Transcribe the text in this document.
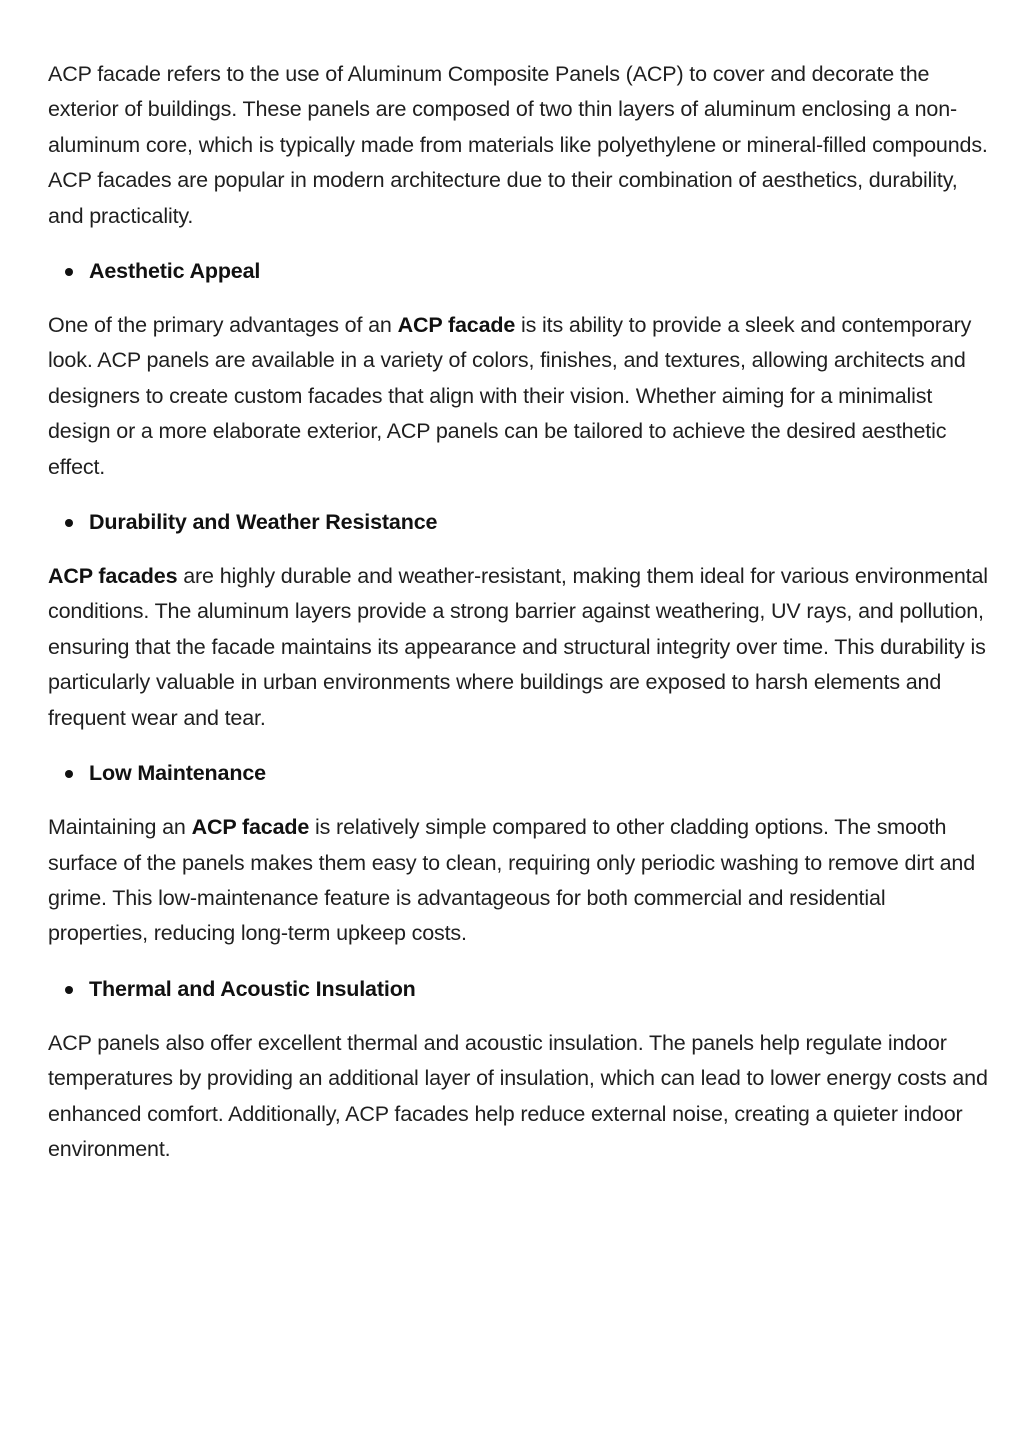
ACP facade refers to the use of Aluminum Composite Panels (ACP) to cover and decorate the exterior of buildings. These panels are composed of two thin layers of aluminum enclosing a non-aluminum core, which is typically made from materials like polyethylene or mineral-filled compounds. ACP facades are popular in modern architecture due to their combination of aesthetics, durability, and practicality.

Aesthetic Appeal

One of the primary advantages of an ACP facade is its ability to provide a sleek and contemporary look. ACP panels are available in a variety of colors, finishes, and textures, allowing architects and designers to create custom facades that align with their vision. Whether aiming for a minimalist design or a more elaborate exterior, ACP panels can be tailored to achieve the desired aesthetic effect.

Durability and Weather Resistance

ACP facades are highly durable and weather-resistant, making them ideal for various environmental conditions. The aluminum layers provide a strong barrier against weathering, UV rays, and pollution, ensuring that the facade maintains its appearance and structural integrity over time. This durability is particularly valuable in urban environments where buildings are exposed to harsh elements and frequent wear and tear.

Low Maintenance

Maintaining an ACP facade is relatively simple compared to other cladding options. The smooth surface of the panels makes them easy to clean, requiring only periodic washing to remove dirt and grime. This low-maintenance feature is advantageous for both commercial and residential properties, reducing long-term upkeep costs.

Thermal and Acoustic Insulation

ACP panels also offer excellent thermal and acoustic insulation. The panels help regulate indoor temperatures by providing an additional layer of insulation, which can lead to lower energy costs and enhanced comfort. Additionally, ACP facades help reduce external noise, creating a quieter indoor environment.
